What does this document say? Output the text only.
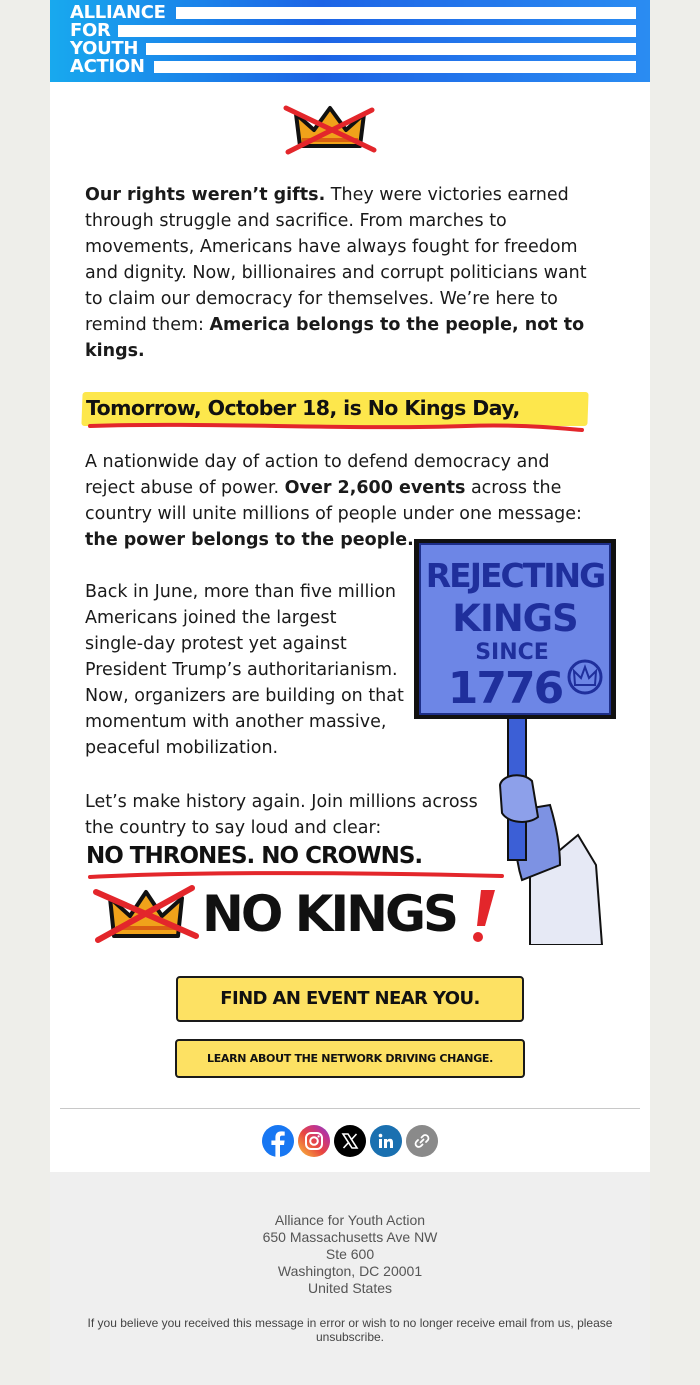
ALLIANCE
FOR
YOUTH
ACTION
Our rights weren’t gifts. They were victories earned
through struggle and sacrifice. From marches to
movements, Americans have always fought for freedom
and dignity. Now, billionaires and corrupt politicians want
to claim our democracy for themselves. We’re here to
remind them: America belongs to the people, not to
kings.
Tomorrow, October 18, is No Kings Day,
A nationwide day of action to defend democracy and
reject abuse of power. Over 2,600 events across the
country will unite millions of people under one message:
the power belongs to the people.
Back in June, more than five million
Americans joined the largest
single-day protest yet against
President Trump’s authoritarianism.
Now, organizers are building on that
momentum with another massive,
peaceful mobilization.
Let’s make history again. Join millions across
the country to say loud and clear:
REJECTING
KINGS
SINCE
1776
NO THRONES. NO CROWNS.
NO KINGS
FIND AN EVENT NEAR YOU.
LEARN ABOUT THE NETWORK DRIVING CHANGE.
Alliance for Youth Action
650 Massachusetts Ave NW
Ste 600
Washington, DC 20001
United States
If you believe you received this message in error or wish to no longer receive email from us, please
unsubscribe.
